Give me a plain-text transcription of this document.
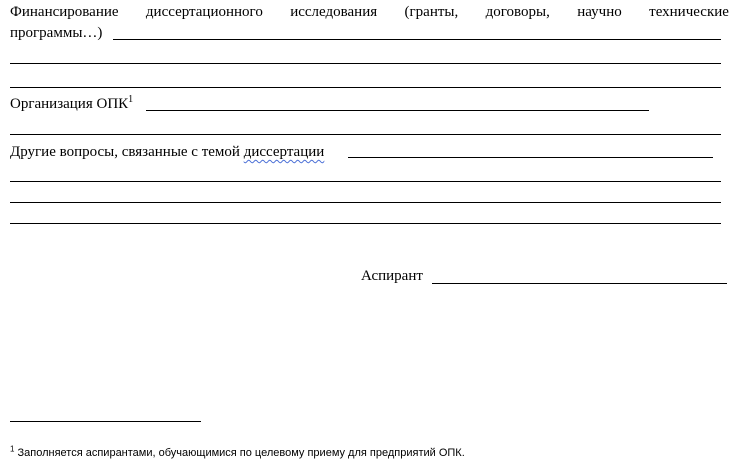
Финансирование диссертационного исследования (гранты, договоры, научно технические
программы…)
Организация ОПК$^1$
Другие вопросы, связанные с темой диссертации
Аспирант
$^1$ Заполняется аспирантами, обучающимися по целевому приему для предприятий ОПК.
